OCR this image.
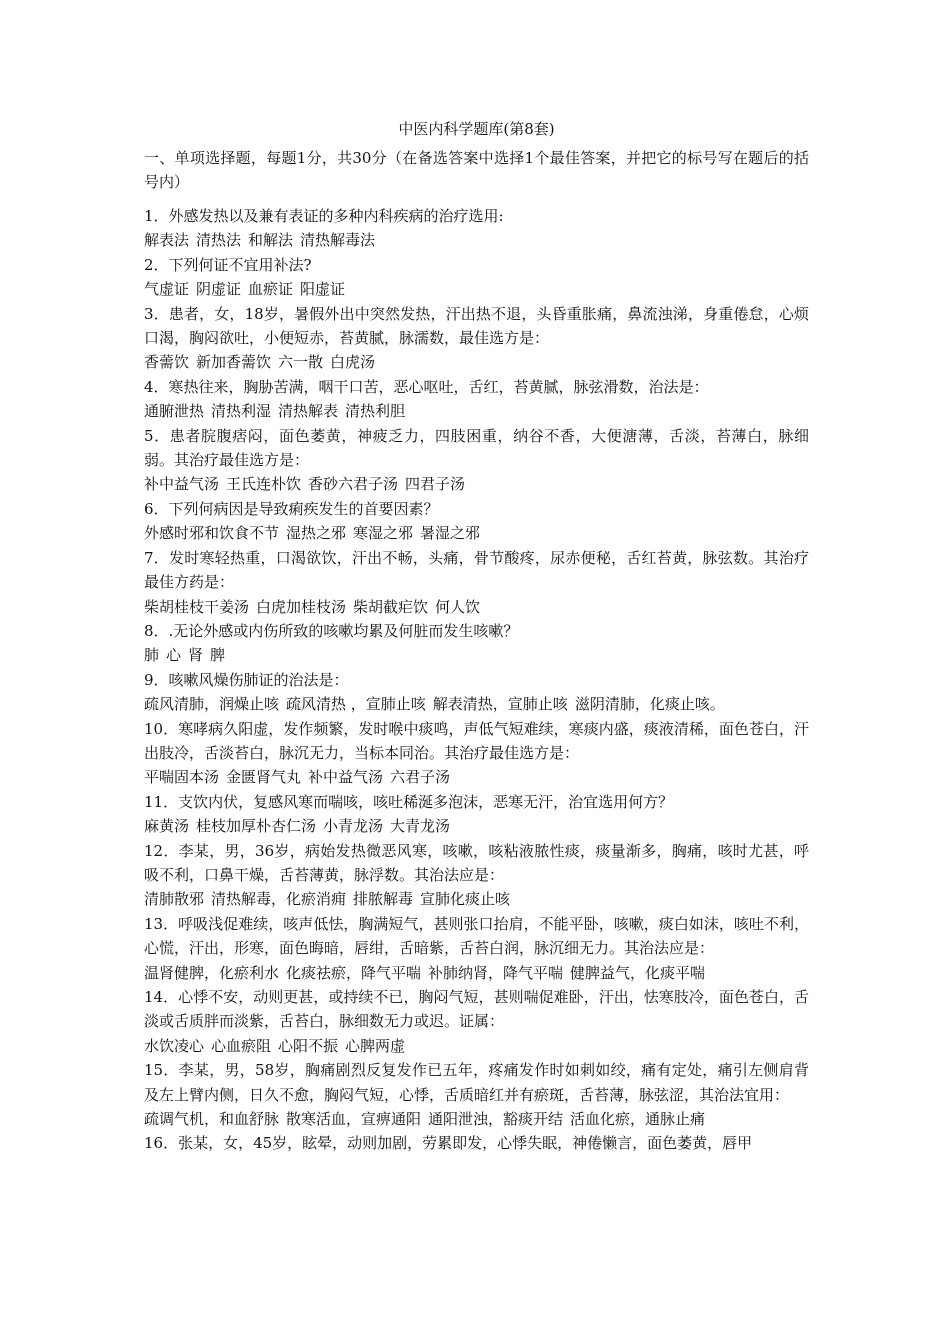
中医内科学题库(第8套)
一、单项选择题，每题1分，共30分（在备选答案中选择1个最佳答案，并把它的标号写在题后的括号内）

1．外感发热以及兼有表证的多种内科疾病的治疗选用:

解表法 清热法 和解法 清热解毒法

2．下列何证不宜用补法?

气虚证 阴虚证 血瘀证 阳虚证

3．患者，女，18岁，暑假外出中突然发热，汗出热不退，头昏重胀痛，鼻流浊涕，身重倦怠，心烦口渴，胸闷欲吐，小便短赤，苔黄腻，脉濡数，最佳选方是：

香薷饮 新加香薷饮 六一散 白虎汤

4．寒热往来，胸胁苦满，咽干口苦，恶心呕吐，舌红，苔黄腻，脉弦滑数，治法是：

通腑泄热 清热利湿 清热解表 清热利胆

5．患者脘腹痞闷，面色萎黄，神疲乏力，四肢困重，纳谷不香，大便溏薄，舌淡，苔薄白，脉细弱。其治疗最佳选方是：

补中益气汤 王氏连朴饮 香砂六君子汤 四君子汤

6．下列何病因是导致痢疾发生的首要因素？

外感时邪和饮食不节 湿热之邪 寒湿之邪 暑湿之邪

7．发时寒轻热重，口渴欲饮，汗出不畅，头痛，骨节酸疼，尿赤便秘，舌红苔黄，脉弦数。其治疗最佳方药是：

柴胡桂枝干姜汤 白虎加桂枝汤 柴胡截疟饮 何人饮

8．.无论外感或内伤所致的咳嗽均累及何脏而发生咳嗽？

肺 心 肾 脾

9．咳嗽风燥伤肺证的治法是：

疏风清肺，润燥止咳 疏风清热 ，宣肺止咳 解表清热，宣肺止咳 滋阴清肺，化痰止咳。

10．寒哮病久阳虚，发作频繁，发时喉中痰鸣，声低气短难续，寒痰内盛，痰液清稀，面色苍白，汗出肢冷，舌淡苔白，脉沉无力，当标本同治。其治疗最佳选方是：

平喘固本汤 金匮肾气丸 补中益气汤 六君子汤

11．支饮内伏，复感风寒而喘咳，咳吐稀涎多泡沫，恶寒无汗，治宜选用何方？

麻黄汤 桂枝加厚朴杏仁汤 小青龙汤 大青龙汤

12．李某，男，36岁，病始发热微恶风寒，咳嗽，咳粘液脓性痰，痰量渐多，胸痛，咳时尤甚，呼吸不利，口鼻干燥，舌苔薄黄，脉浮数。其治法应是：

清肺散邪 清热解毒，化瘀消痈 排脓解毒 宣肺化痰止咳

13．呼吸浅促难续，咳声低怯，胸满短气，甚则张口抬肩，不能平卧，咳嗽，痰白如沫，咳吐不利，心慌，汗出，形寒，面色晦暗，唇绀，舌暗紫，舌苔白润，脉沉细无力。其治法应是：

温肾健脾，化瘀利水 化痰祛瘀，降气平喘 补肺纳肾，降气平喘 健脾益气，化痰平喘

14．心悸不安，动则更甚，或持续不已，胸闷气短，甚则喘促难卧，汗出，怯寒肢冷，面色苍白，舌淡或舌质胖而淡紫，舌苔白，脉细数无力或迟。证属：

水饮凌心 心血瘀阻 心阳不振 心脾两虚

15．李某，男，58岁，胸痛剧烈反复发作已五年，疼痛发作时如刺如绞，痛有定处，痛引左侧肩背及左上臂内侧，日久不愈，胸闷气短，心悸，舌质暗红并有瘀斑，舌苔薄，脉弦涩，其治法宜用：

疏调气机，和血舒脉 散寒活血，宣痹通阳 通阳泄浊，豁痰开结 活血化瘀，通脉止痛

16．张某，女，45岁，眩晕，动则加剧，劳累即发，心悸失眠，神倦懒言，面色萎黄，唇甲
